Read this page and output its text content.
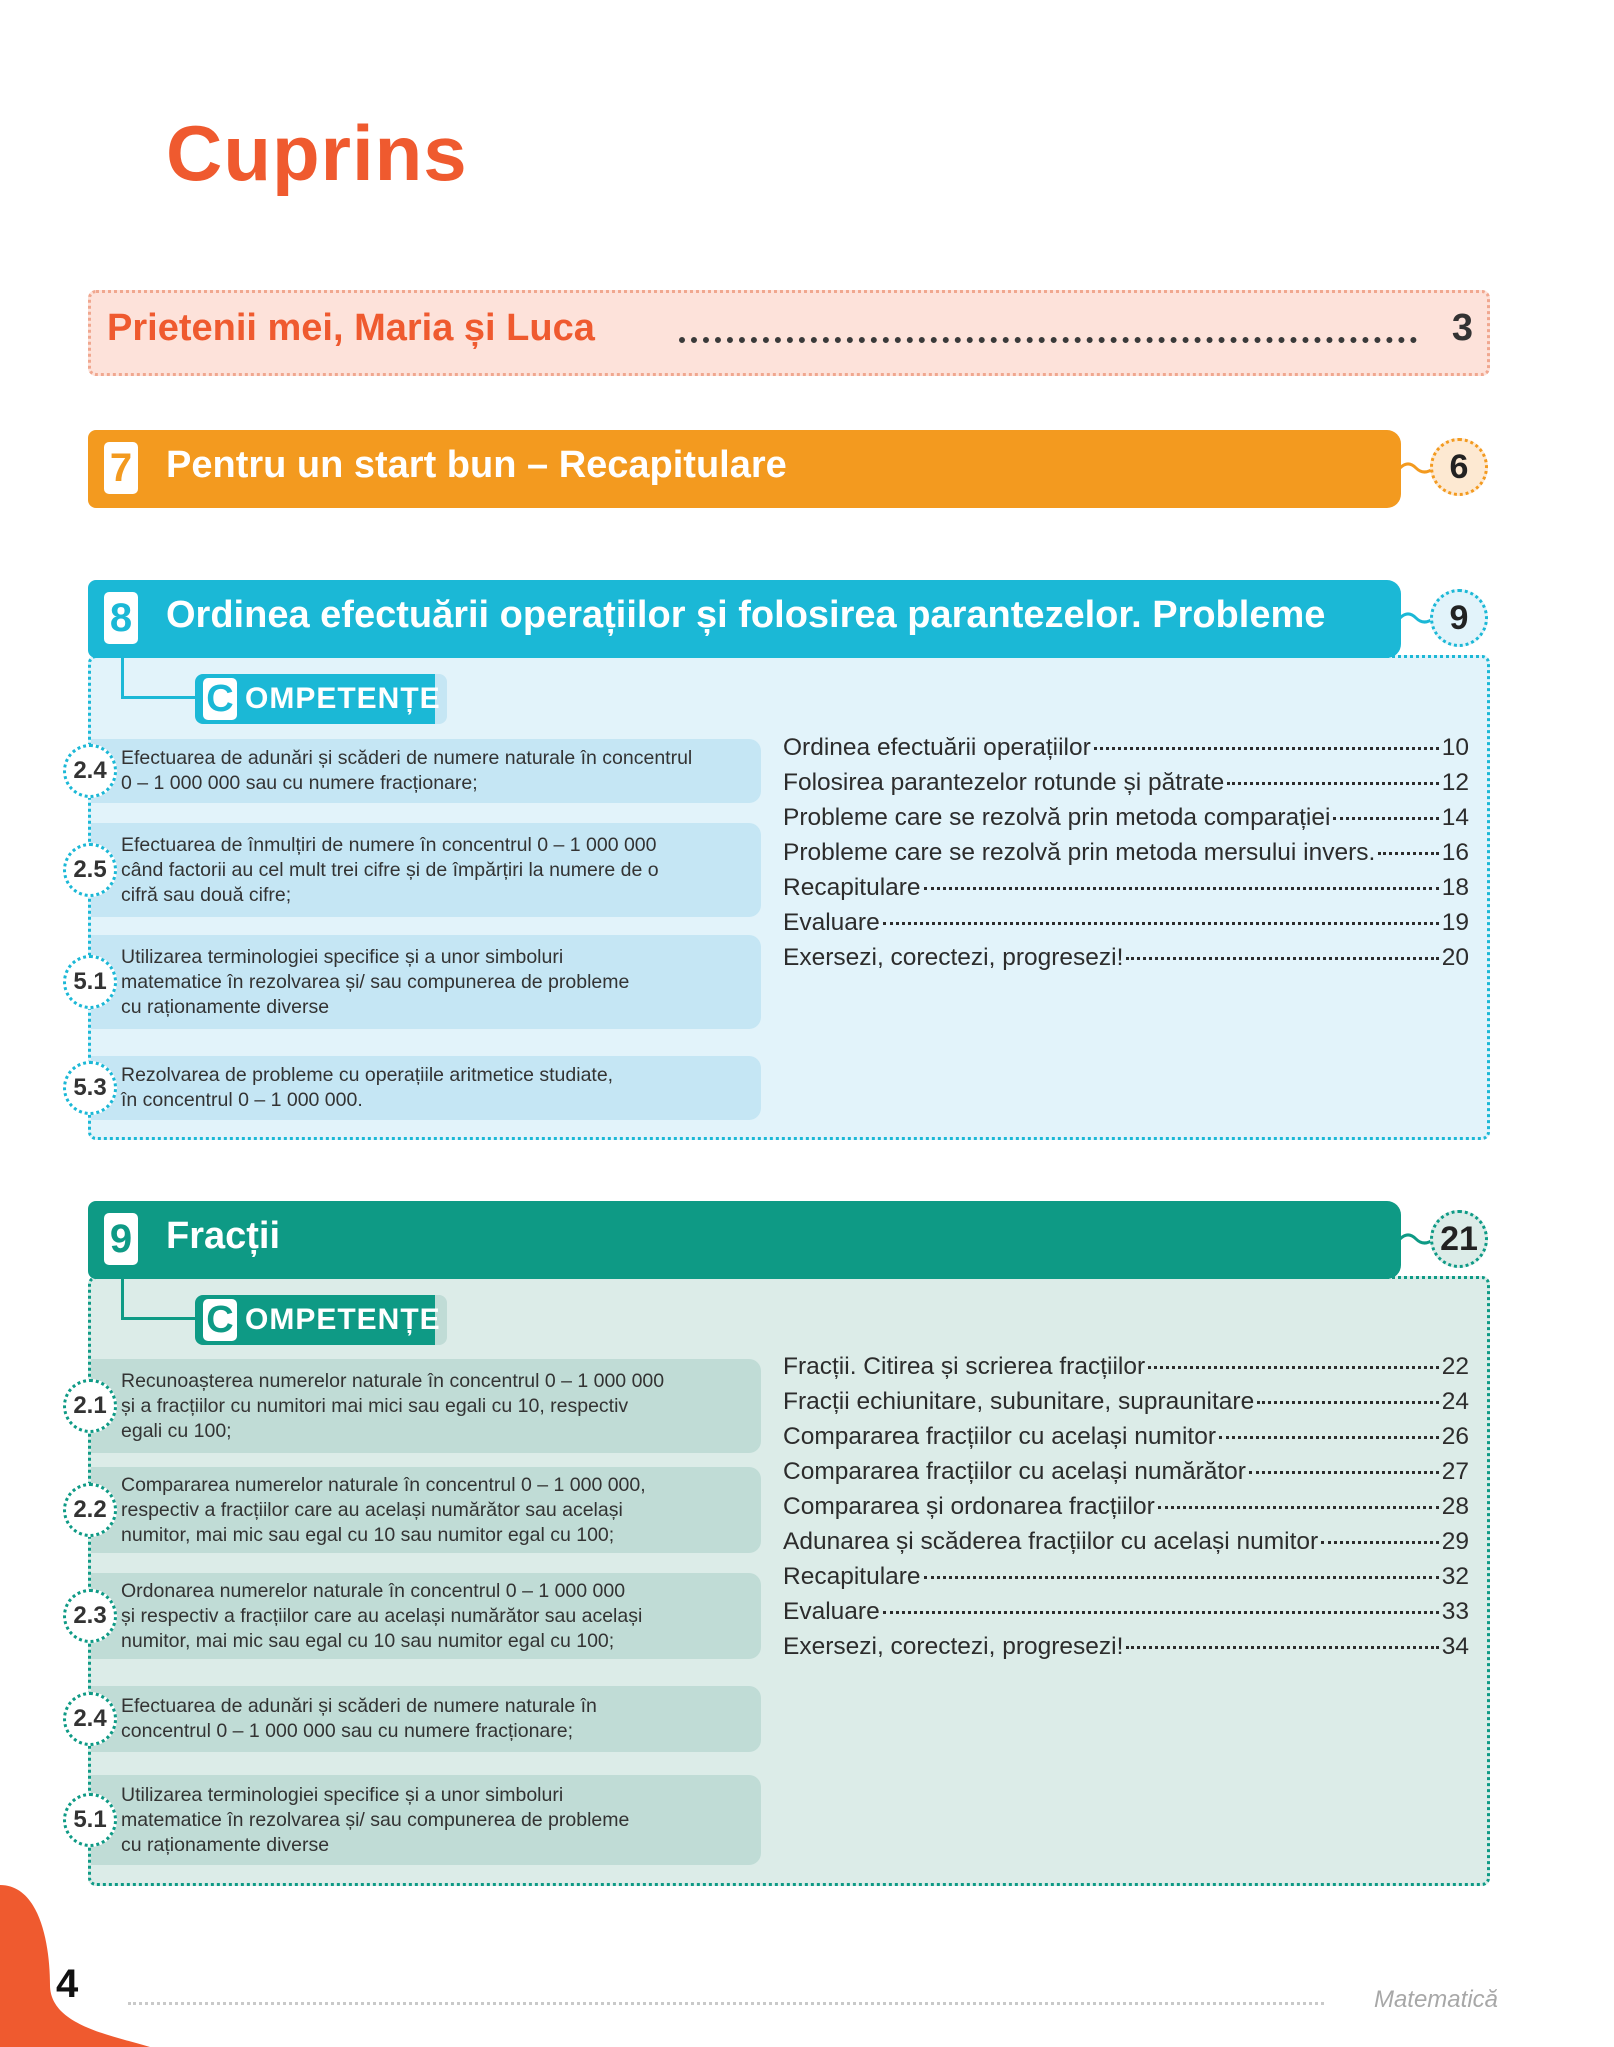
Cuprins
Prietenii mei, Maria și Luca	3
7 Pentru un start bun – Recapitulare	6
C OMPETENȚE
2.4 Efectuarea de adunări și scăderi de numere naturale în concentrul
0 – 1 000 000 sau cu numere fracționare;
2.5
Efectuarea de înmulțiri de numere în concentrul 0 – 1 000 000
când factorii au cel mult trei cifre și de împărțiri la numere de o
cifră sau două cifre;
5.1
Utilizarea terminologiei specifice și a unor simboluri
matematice în rezolvarea și/ sau compunerea de probleme
cu raționamente diverse
5.3 Rezolvarea de probleme cu operațiile aritmetice studiate,
în concentrul 0 – 1 000 000.
Ordinea efectuării operațiilor	10
Folosirea parantezelor rotunde și pătrate	12
Probleme care se rezolvă prin metoda comparației	14
Probleme care se rezolvă prin metoda mersului invers.	16
Recapitulare	18
Evaluare	19
Exersezi, corectezi, progresezi!	20
8 Ordinea efectuării operațiilor și folosirea parantezelor. Probleme	9
C OMPETENȚE
2.1
Recunoașterea numerelor naturale în concentrul 0 – 1 000 000
și a fracțiilor cu numitori mai mici sau egali cu 10, respectiv
egali cu 100;
2.2
Compararea numerelor naturale în concentrul 0 – 1 000 000,
respectiv a fracțiilor care au același numărător sau același
numitor, mai mic sau egal cu 10 sau numitor egal cu 100;
2.3
Ordonarea numerelor naturale în concentrul 0 – 1 000 000
și respectiv a fracțiilor care au același numărător sau același
numitor, mai mic sau egal cu 10 sau numitor egal cu 100;
2.4 Efectuarea de adunări și scăderi de numere naturale în
concentrul 0 – 1 000 000 sau cu numere fracționare;
5.1
Utilizarea terminologiei specifice și a unor simboluri
matematice în rezolvarea și/ sau compunerea de probleme
cu raționamente diverse
Fracții. Citirea și scrierea fracțiilor	22
Fracții echiunitare, subunitare, supraunitare	24
Compararea fracțiilor cu același numitor	26
Compararea fracțiilor cu același numărător	27
Compararea și ordonarea fracțiilor	28
Adunarea și scăderea fracțiilor cu același numitor	29
Recapitulare	32
Evaluare	33
Exersezi, corectezi, progresezi!	34
9 Fracții	21
4	Matematică
